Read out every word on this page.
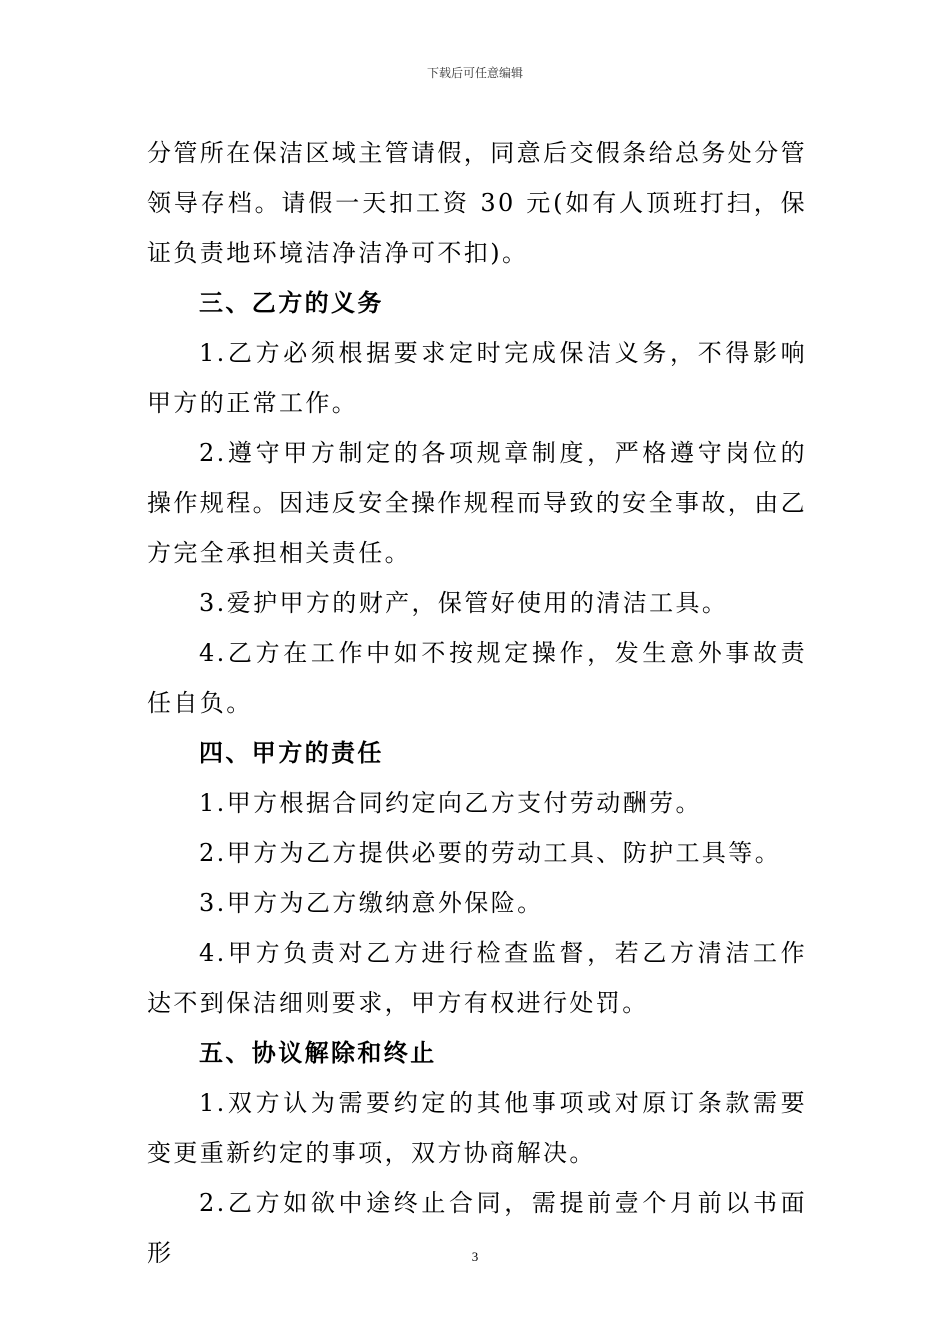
下载后可任意编辑

分管所在保洁区域主管请假，同意后交假条给总务处分管领导存档。请假一天扣工资 30 元(如有人顶班打扫，保证负责地环境洁净洁净可不扣)。

三、乙方的义务

1.乙方必须根据要求定时完成保洁义务，不得影响甲方的正常工作。

2.遵守甲方制定的各项规章制度，严格遵守岗位的操作规程。因违反安全操作规程而导致的安全事故，由乙方完全承担相关责任。

3.爱护甲方的财产，保管好使用的清洁工具。

4.乙方在工作中如不按规定操作，发生意外事故责任自负。

四、甲方的责任

1.甲方根据合同约定向乙方支付劳动酬劳。

2.甲方为乙方提供必要的劳动工具、防护工具等。

3.甲方为乙方缴纳意外保险。

4.甲方负责对乙方进行检查监督，若乙方清洁工作达不到保洁细则要求，甲方有权进行处罚。

五、协议解除和终止

1.双方认为需要约定的其他事项或对原订条款需要变更重新约定的事项，双方协商解决。

2.乙方如欲中途终止合同，需提前壹个月前以书面形	3
